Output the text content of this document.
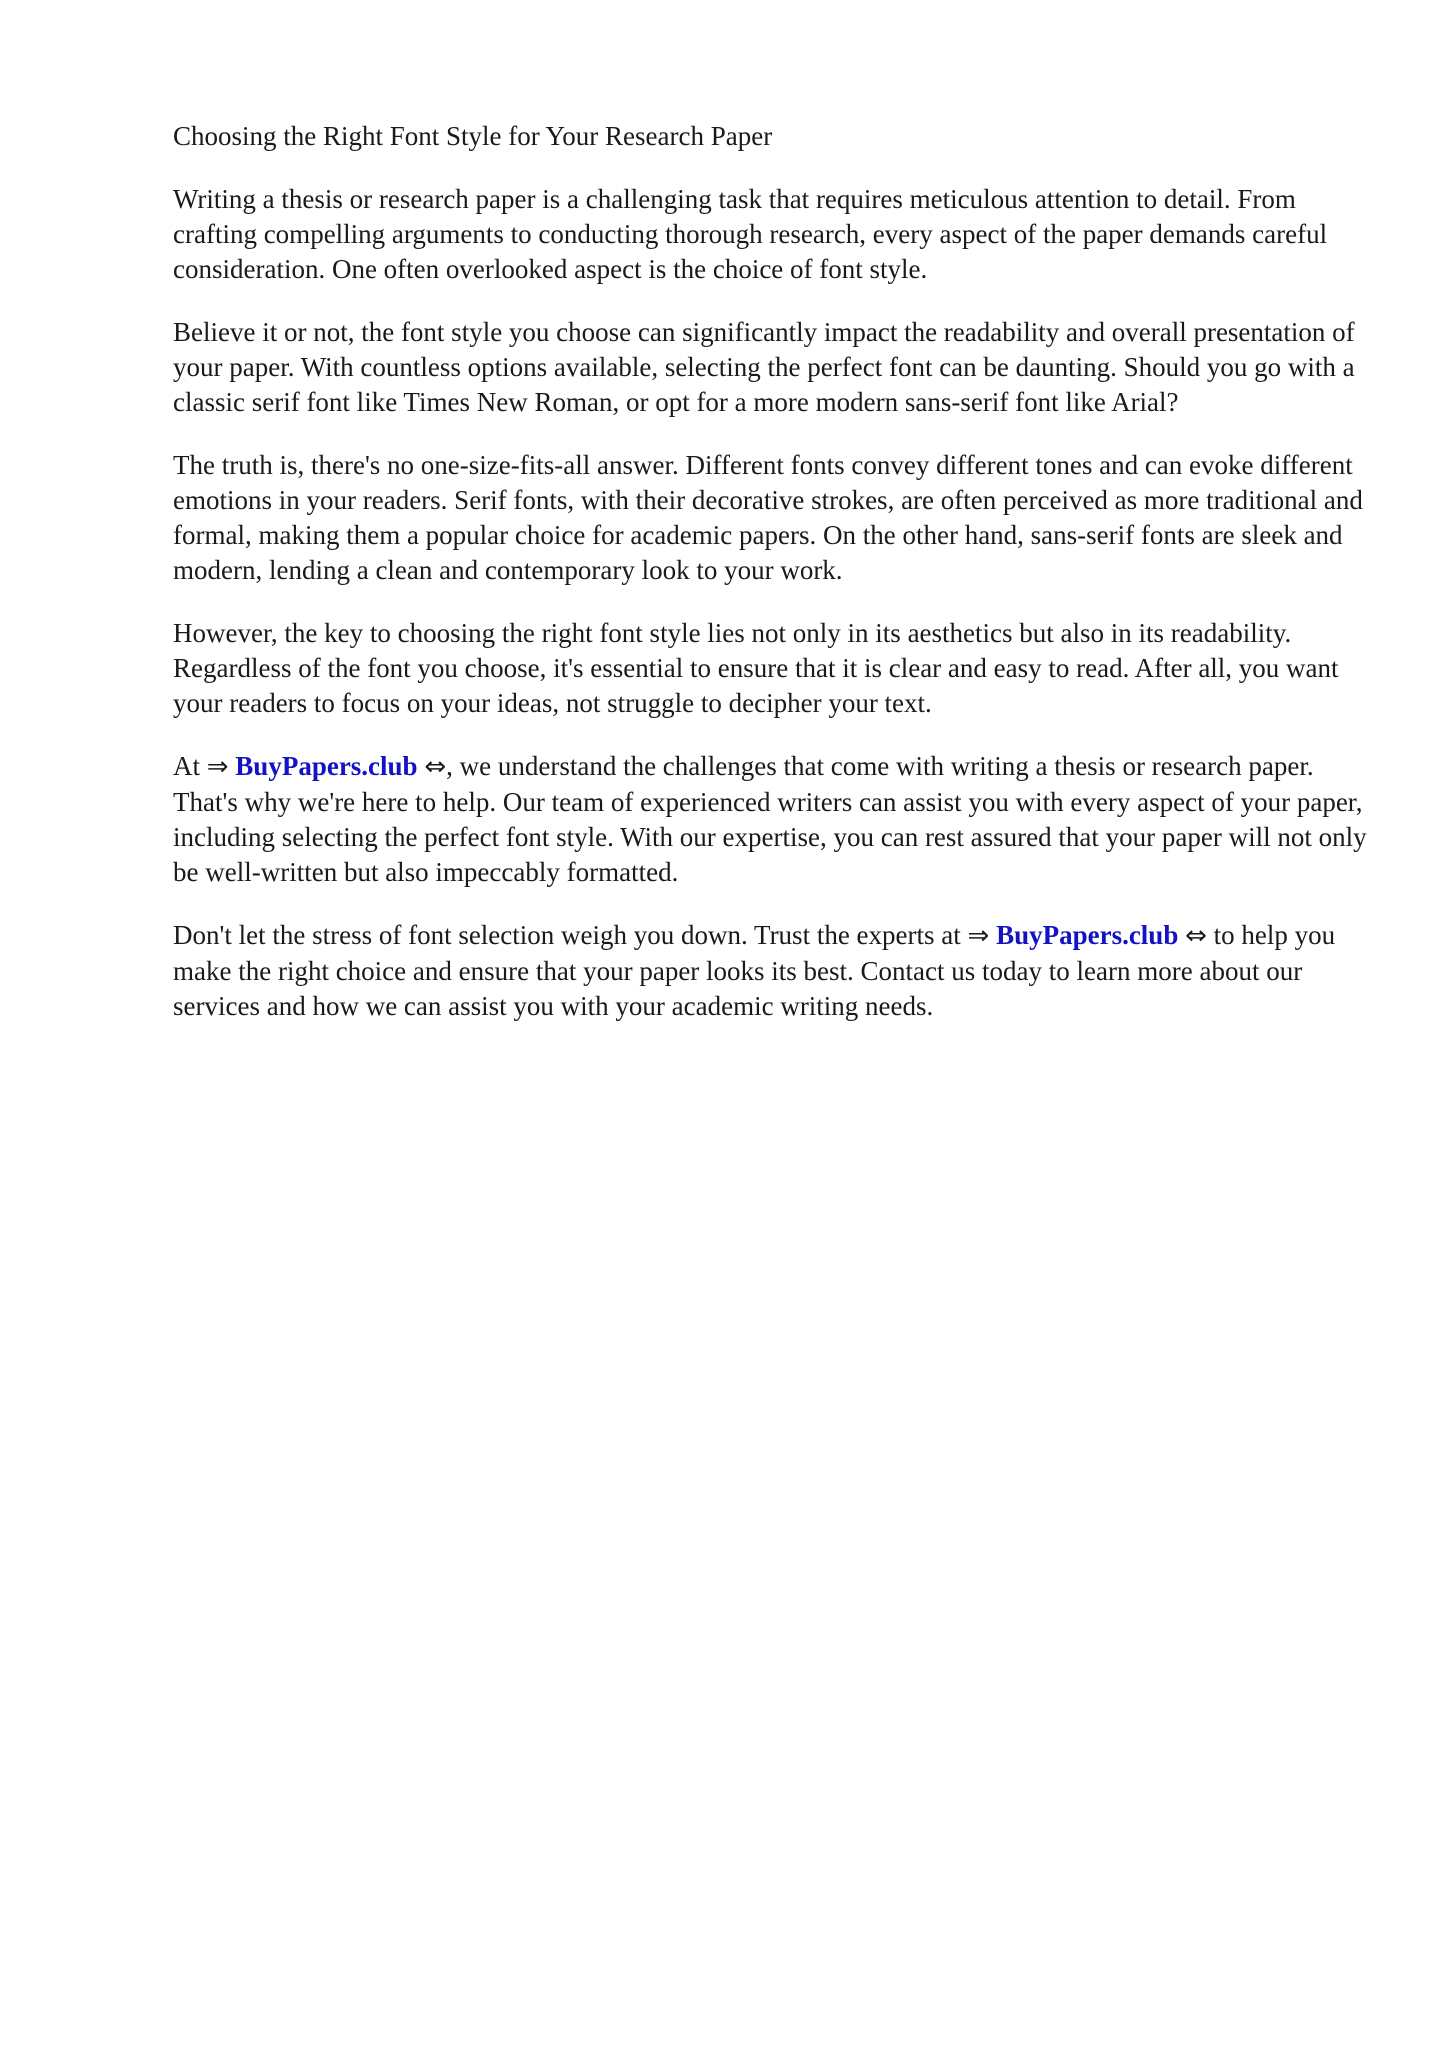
Choosing the Right Font Style for Your Research Paper

Writing a thesis or research paper is a challenging task that requires meticulous attention to detail. From crafting compelling arguments to conducting thorough research, every aspect of the paper demands careful consideration. One often overlooked aspect is the choice of font style.

Believe it or not, the font style you choose can significantly impact the readability and overall presentation of your paper. With countless options available, selecting the perfect font can be daunting. Should you go with a classic serif font like Times New Roman, or opt for a more modern sans-serif font like Arial?

The truth is, there's no one-size-fits-all answer. Different fonts convey different tones and can evoke different emotions in your readers. Serif fonts, with their decorative strokes, are often perceived as more traditional and formal, making them a popular choice for academic papers. On the other hand, sans-serif fonts are sleek and modern, lending a clean and contemporary look to your work.

However, the key to choosing the right font style lies not only in its aesthetics but also in its readability. Regardless of the font you choose, it's essential to ensure that it is clear and easy to read. After all, you want your readers to focus on your ideas, not struggle to decipher your text.

At ⇒ BuyPapers.club ⇔, we understand the challenges that come with writing a thesis or research paper. That's why we're here to help. Our team of experienced writers can assist you with every aspect of your paper, including selecting the perfect font style. With our expertise, you can rest assured that your paper will not only be well-written but also impeccably formatted.

Don't let the stress of font selection weigh you down. Trust the experts at ⇒ BuyPapers.club ⇔ to help you make the right choice and ensure that your paper looks its best. Contact us today to learn more about our services and how we can assist you with your academic writing needs.
